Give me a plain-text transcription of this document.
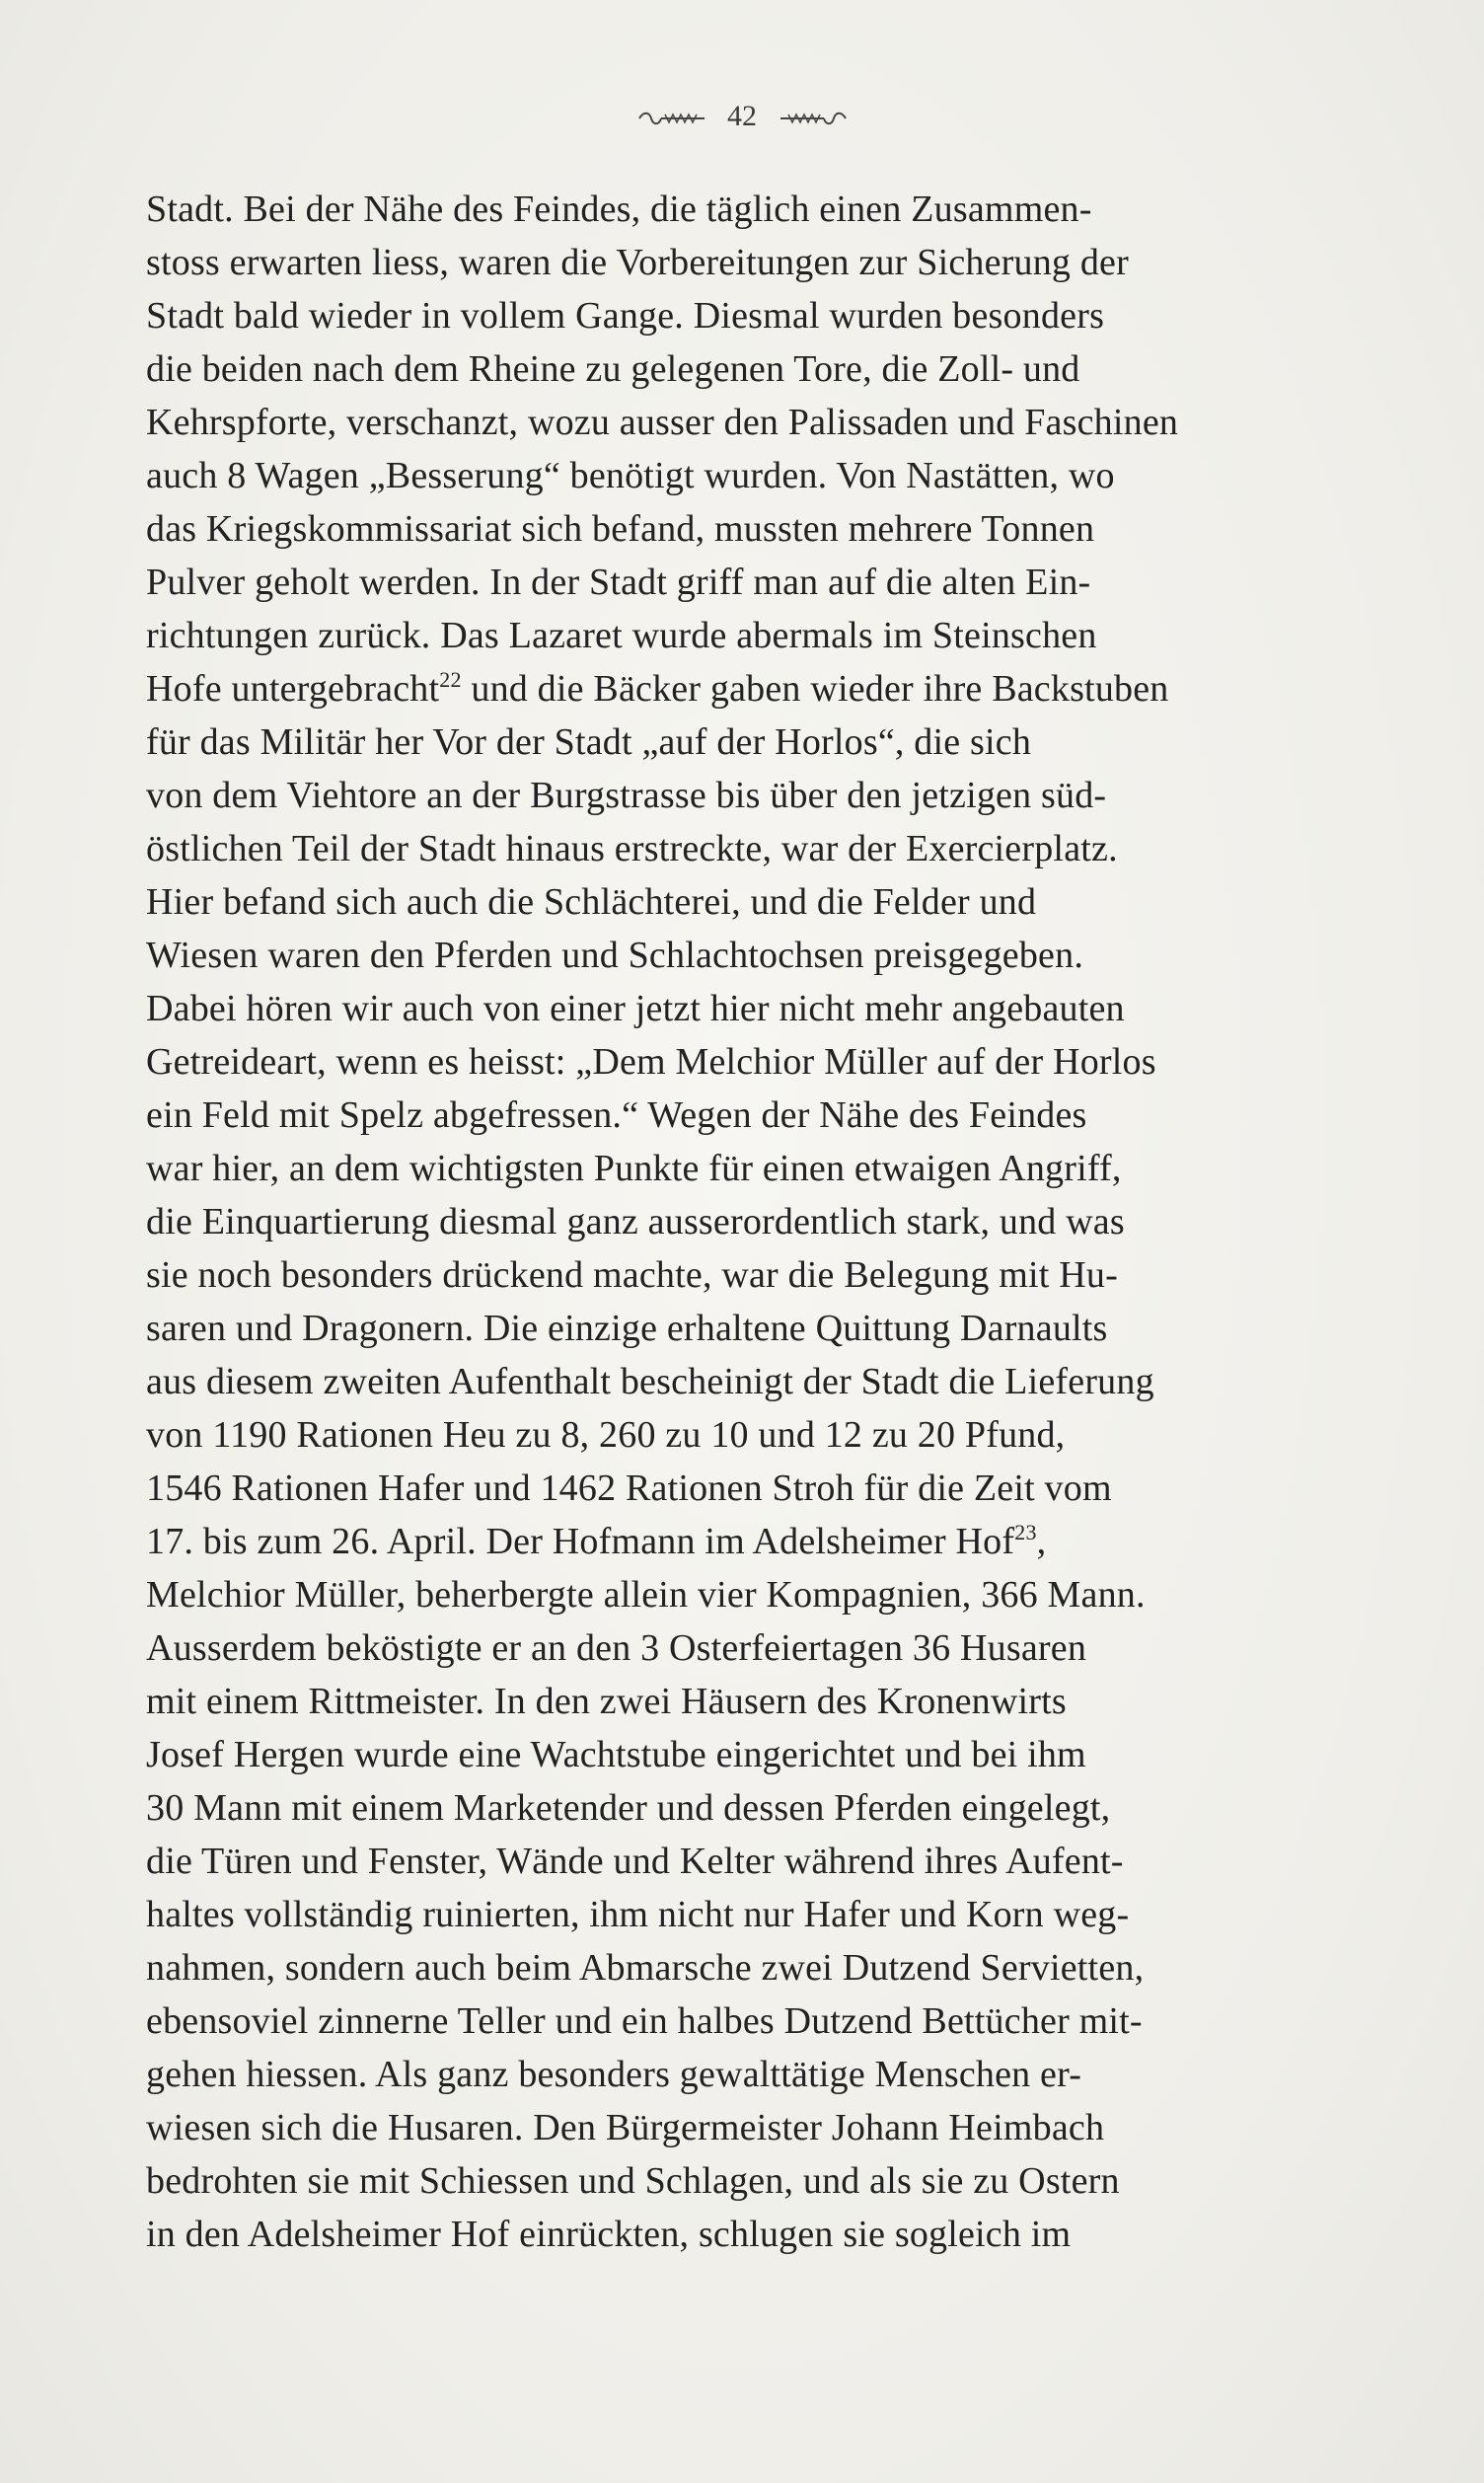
42
Stadt. Bei der Nähe des Feindes, die täglich einen Zusammen-
stoss erwarten liess, waren die Vorbereitungen zur Sicherung der
Stadt bald wieder in vollem Gange. Diesmal wurden besonders
die beiden nach dem Rheine zu gelegenen Tore, die Zoll- und
Kehrspforte, verschanzt, wozu ausser den Palissaden und Faschinen
auch 8 Wagen „Besserung“ benötigt wurden. Von Nastätten, wo
das Kriegskommissariat sich befand, mussten mehrere Tonnen
Pulver geholt werden. In der Stadt griff man auf die alten Ein-
richtungen zurück. Das Lazaret wurde abermals im Steinschen
Hofe untergebracht$^{22}$ und die Bäcker gaben wieder ihre Backstuben
für das Militär her Vor der Stadt „auf der Horlos“, die sich
von dem Viehtore an der Burgstrasse bis über den jetzigen süd-
östlichen Teil der Stadt hinaus erstreckte, war der Exercierplatz.
Hier befand sich auch die Schlächterei, und die Felder und
Wiesen waren den Pferden und Schlachtochsen preisgegeben.
Dabei hören wir auch von einer jetzt hier nicht mehr angebauten
Getreideart, wenn es heisst: „Dem Melchior Müller auf der Horlos
ein Feld mit Spelz abgefressen.“ Wegen der Nähe des Feindes
war hier, an dem wichtigsten Punkte für einen etwaigen Angriff,
die Einquartierung diesmal ganz ausserordentlich stark, und was
sie noch besonders drückend machte, war die Belegung mit Hu-
saren und Dragonern. Die einzige erhaltene Quittung Darnaults
aus diesem zweiten Aufenthalt bescheinigt der Stadt die Lieferung
von 1190 Rationen Heu zu 8, 260 zu 10 und 12 zu 20 Pfund,
1546 Rationen Hafer und 1462 Rationen Stroh für die Zeit vom
17. bis zum 26. April. Der Hofmann im Adelsheimer Hof$^{23}$,
Melchior Müller, beherbergte allein vier Kompagnien, 366 Mann.
Ausserdem beköstigte er an den 3 Osterfeiertagen 36 Husaren
mit einem Rittmeister. In den zwei Häusern des Kronenwirts
Josef Hergen wurde eine Wachtstube eingerichtet und bei ihm
30 Mann mit einem Marketender und dessen Pferden eingelegt,
die Türen und Fenster, Wände und Kelter während ihres Aufent-
haltes vollständig ruinierten, ihm nicht nur Hafer und Korn weg-
nahmen, sondern auch beim Abmarsche zwei Dutzend Servietten,
ebensoviel zinnerne Teller und ein halbes Dutzend Bettücher mit-
gehen hiessen. Als ganz besonders gewalttätige Menschen er-
wiesen sich die Husaren. Den Bürgermeister Johann Heimbach
bedrohten sie mit Schiessen und Schlagen, und als sie zu Ostern
in den Adelsheimer Hof einrückten, schlugen sie sogleich im
